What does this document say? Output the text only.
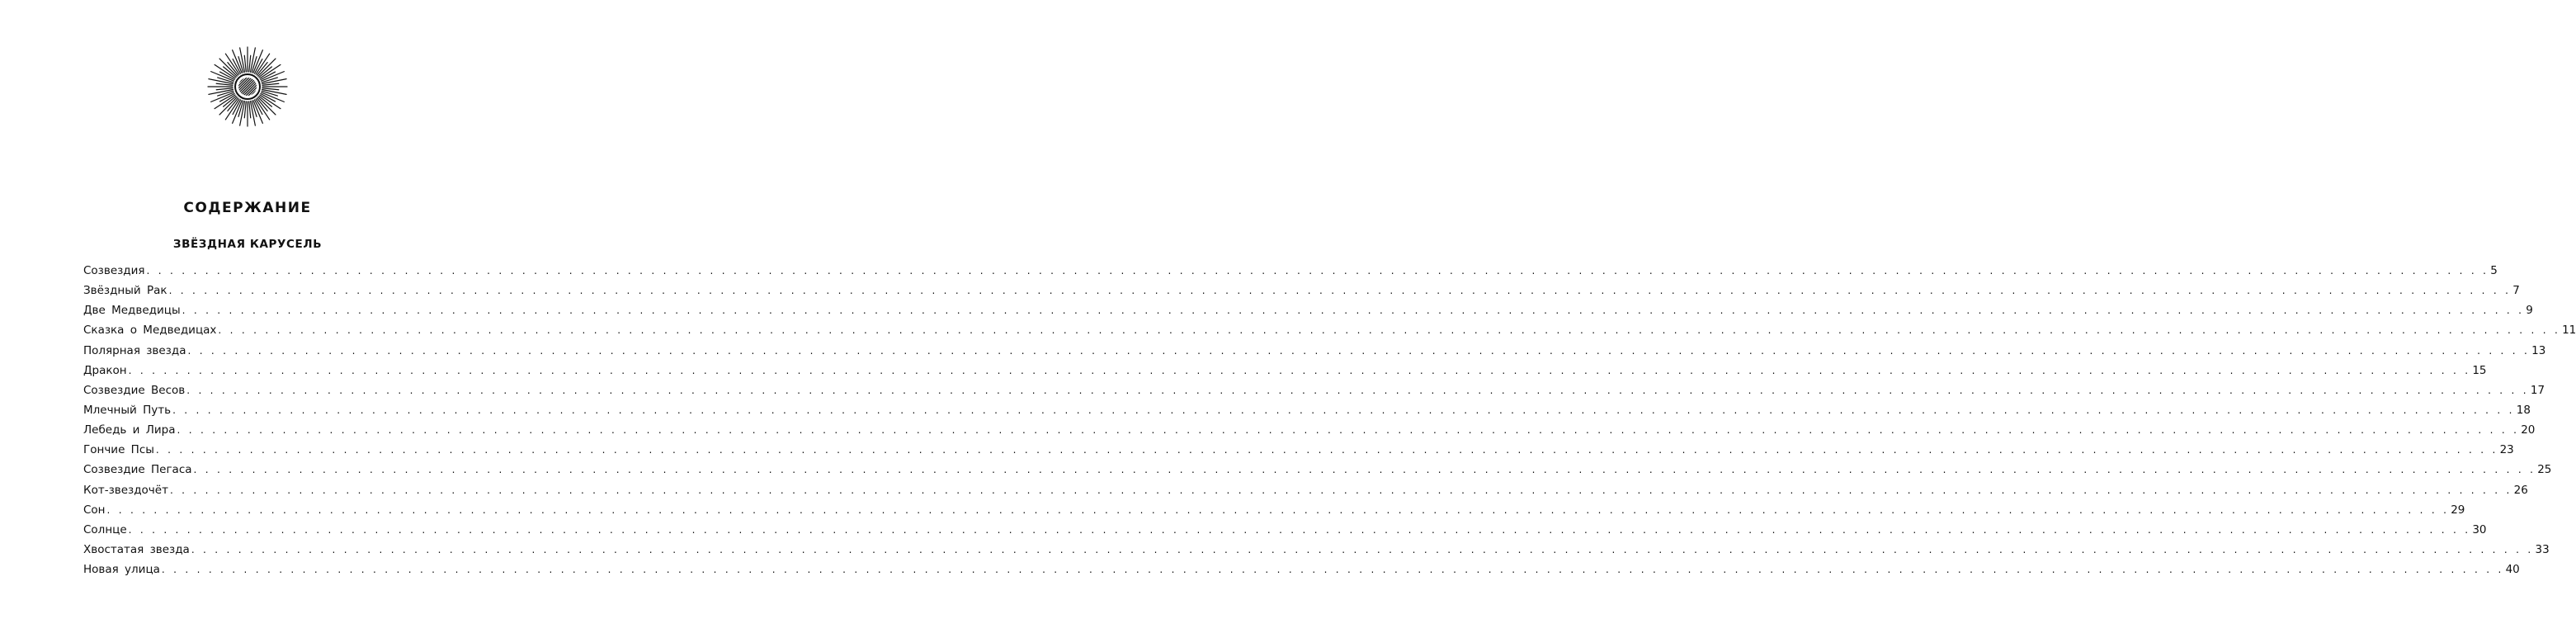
СОДЕРЖАНИЕ
ЗВЁЗДНАЯ КАРУСЕЛЬ
Созвездия . . . . . . . . . . . . . . . . . . . . . . . . . . . . . . . . . . . . . . . . . . . . . . . . . . . . . . . . . . . . . . . . . . . . . . . . . . . . . . . . . . . . . . . . . . . . . . . . . . . . . . . . . . . . . . . . . . . . . . . . . . . . . . . . . . . . . . . . . . . . . . . . . . . . . . . . . . . . . . . . . . . . . . . . . . . . . . . . . . . . . . . . . . . . . . . . . . . . . . . . 5
Звёздный Рак . . . . . . . . . . . . . . . . . . . . . . . . . . . . . . . . . . . . . . . . . . . . . . . . . . . . . . . . . . . . . . . . . . . . . . . . . . . . . . . . . . . . . . . . . . . . . . . . . . . . . . . . . . . . . . . . . . . . . . . . . . . . . . . . . . . . . . . . . . . . . . . . . . . . . . . . . . . . . . . . . . . . . . . . . . . . . . . . . . . . . . . . . . . . . . . . . . . . . . . . 7
Две Медведицы . . . . . . . . . . . . . . . . . . . . . . . . . . . . . . . . . . . . . . . . . . . . . . . . . . . . . . . . . . . . . . . . . . . . . . . . . . . . . . . . . . . . . . . . . . . . . . . . . . . . . . . . . . . . . . . . . . . . . . . . . . . . . . . . . . . . . . . . . . . . . . . . . . . . . . . . . . . . . . . . . . . . . . . . . . . . . . . . . . . . . . . . . . . . . . . . . . . . . . . . 9
Сказка о Медведицах . . . . . . . . . . . . . . . . . . . . . . . . . . . . . . . . . . . . . . . . . . . . . . . . . . . . . . . . . . . . . . . . . . . . . . . . . . . . . . . . . . . . . . . . . . . . . . . . . . . . . . . . . . . . . . . . . . . . . . . . . . . . . . . . . . . . . . . . . . . . . . . . . . . . . . . . . . . . . . . . . . . . . . . . . . . . . . . . . . . . . . . . . . . . . . . . . . . . . . . . 11
Полярная звезда . . . . . . . . . . . . . . . . . . . . . . . . . . . . . . . . . . . . . . . . . . . . . . . . . . . . . . . . . . . . . . . . . . . . . . . . . . . . . . . . . . . . . . . . . . . . . . . . . . . . . . . . . . . . . . . . . . . . . . . . . . . . . . . . . . . . . . . . . . . . . . . . . . . . . . . . . . . . . . . . . . . . . . . . . . . . . . . . . . . . . . . . . . . . . . . . . . . . . . . . 13
Дракон . . . . . . . . . . . . . . . . . . . . . . . . . . . . . . . . . . . . . . . . . . . . . . . . . . . . . . . . . . . . . . . . . . . . . . . . . . . . . . . . . . . . . . . . . . . . . . . . . . . . . . . . . . . . . . . . . . . . . . . . . . . . . . . . . . . . . . . . . . . . . . . . . . . . . . . . . . . . . . . . . . . . . . . . . . . . . . . . . . . . . . . . . . . . . . . . . . . . . . . . 15
Созвездие Весов . . . . . . . . . . . . . . . . . . . . . . . . . . . . . . . . . . . . . . . . . . . . . . . . . . . . . . . . . . . . . . . . . . . . . . . . . . . . . . . . . . . . . . . . . . . . . . . . . . . . . . . . . . . . . . . . . . . . . . . . . . . . . . . . . . . . . . . . . . . . . . . . . . . . . . . . . . . . . . . . . . . . . . . . . . . . . . . . . . . . . . . . . . . . . . . . . . . . . . . . 17
Млечный Путь . . . . . . . . . . . . . . . . . . . . . . . . . . . . . . . . . . . . . . . . . . . . . . . . . . . . . . . . . . . . . . . . . . . . . . . . . . . . . . . . . . . . . . . . . . . . . . . . . . . . . . . . . . . . . . . . . . . . . . . . . . . . . . . . . . . . . . . . . . . . . . . . . . . . . . . . . . . . . . . . . . . . . . . . . . . . . . . . . . . . . . . . . . . . . . . . . . . . . . . . 18
Лебедь и Лира . . . . . . . . . . . . . . . . . . . . . . . . . . . . . . . . . . . . . . . . . . . . . . . . . . . . . . . . . . . . . . . . . . . . . . . . . . . . . . . . . . . . . . . . . . . . . . . . . . . . . . . . . . . . . . . . . . . . . . . . . . . . . . . . . . . . . . . . . . . . . . . . . . . . . . . . . . . . . . . . . . . . . . . . . . . . . . . . . . . . . . . . . . . . . . . . . . . . . . . . 20
Гончие Псы . . . . . . . . . . . . . . . . . . . . . . . . . . . . . . . . . . . . . . . . . . . . . . . . . . . . . . . . . . . . . . . . . . . . . . . . . . . . . . . . . . . . . . . . . . . . . . . . . . . . . . . . . . . . . . . . . . . . . . . . . . . . . . . . . . . . . . . . . . . . . . . . . . . . . . . . . . . . . . . . . . . . . . . . . . . . . . . . . . . . . . . . . . . . . . . . . . . . . . . . 23
Созвездие Пегаса . . . . . . . . . . . . . . . . . . . . . . . . . . . . . . . . . . . . . . . . . . . . . . . . . . . . . . . . . . . . . . . . . . . . . . . . . . . . . . . . . . . . . . . . . . . . . . . . . . . . . . . . . . . . . . . . . . . . . . . . . . . . . . . . . . . . . . . . . . . . . . . . . . . . . . . . . . . . . . . . . . . . . . . . . . . . . . . . . . . . . . . . . . . . . . . . . . . . . . . . 25
Кот-звездочёт . . . . . . . . . . . . . . . . . . . . . . . . . . . . . . . . . . . . . . . . . . . . . . . . . . . . . . . . . . . . . . . . . . . . . . . . . . . . . . . . . . . . . . . . . . . . . . . . . . . . . . . . . . . . . . . . . . . . . . . . . . . . . . . . . . . . . . . . . . . . . . . . . . . . . . . . . . . . . . . . . . . . . . . . . . . . . . . . . . . . . . . . . . . . . . . . . . . . . . . . 26
Сон . . . . . . . . . . . . . . . . . . . . . . . . . . . . . . . . . . . . . . . . . . . . . . . . . . . . . . . . . . . . . . . . . . . . . . . . . . . . . . . . . . . . . . . . . . . . . . . . . . . . . . . . . . . . . . . . . . . . . . . . . . . . . . . . . . . . . . . . . . . . . . . . . . . . . . . . . . . . . . . . . . . . . . . . . . . . . . . . . . . . . . . . . . . . . . . . . . . . . . . . 29
Солнце . . . . . . . . . . . . . . . . . . . . . . . . . . . . . . . . . . . . . . . . . . . . . . . . . . . . . . . . . . . . . . . . . . . . . . . . . . . . . . . . . . . . . . . . . . . . . . . . . . . . . . . . . . . . . . . . . . . . . . . . . . . . . . . . . . . . . . . . . . . . . . . . . . . . . . . . . . . . . . . . . . . . . . . . . . . . . . . . . . . . . . . . . . . . . . . . . . . . . . . . 30
Хвостатая звезда . . . . . . . . . . . . . . . . . . . . . . . . . . . . . . . . . . . . . . . . . . . . . . . . . . . . . . . . . . . . . . . . . . . . . . . . . . . . . . . . . . . . . . . . . . . . . . . . . . . . . . . . . . . . . . . . . . . . . . . . . . . . . . . . . . . . . . . . . . . . . . . . . . . . . . . . . . . . . . . . . . . . . . . . . . . . . . . . . . . . . . . . . . . . . . . . . . . . . . . . 33
Новая улица . . . . . . . . . . . . . . . . . . . . . . . . . . . . . . . . . . . . . . . . . . . . . . . . . . . . . . . . . . . . . . . . . . . . . . . . . . . . . . . . . . . . . . . . . . . . . . . . . . . . . . . . . . . . . . . . . . . . . . . . . . . . . . . . . . . . . . . . . . . . . . . . . . . . . . . . . . . . . . . . . . . . . . . . . . . . . . . . . . . . . . . . . . . . . . . . . . . . . . . . 40
